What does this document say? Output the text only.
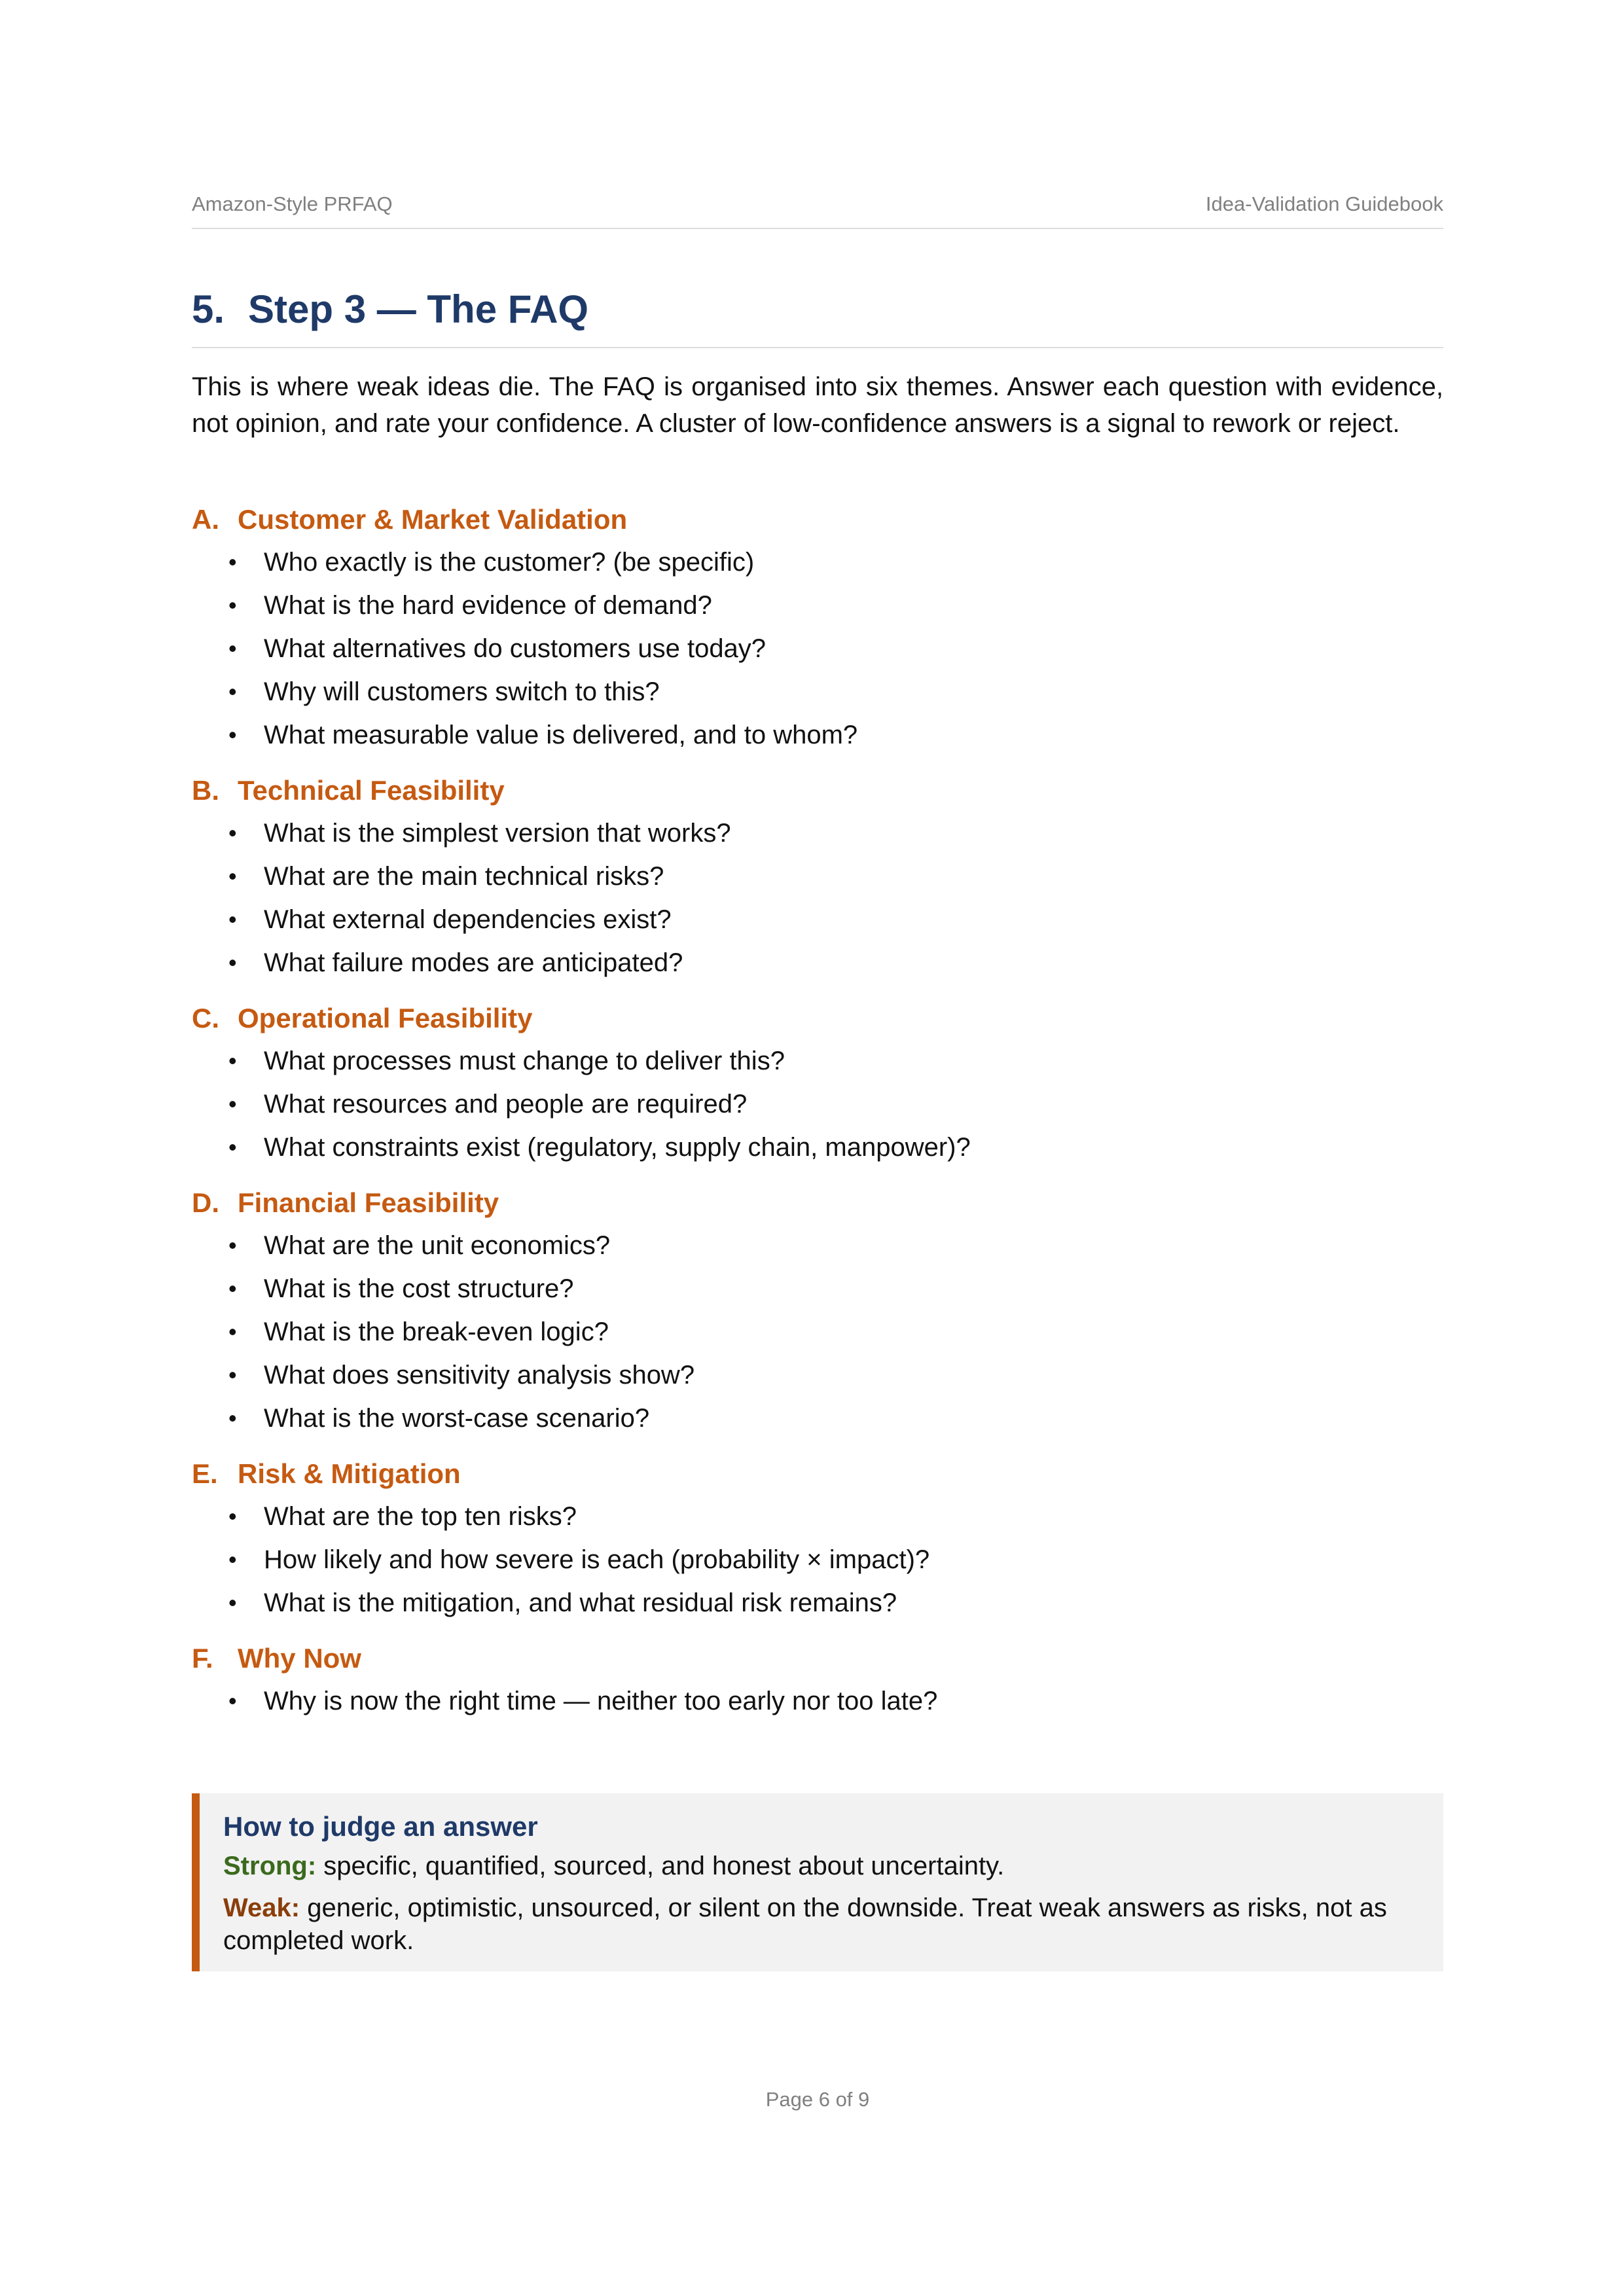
Amazon-Style PRFAQ	Idea-Validation Guidebook
5. Step 3 — The FAQ

This is where weak ideas die. The FAQ is organised into six themes. Answer each question with evidence, not opinion, and rate your confidence. A cluster of low-confidence answers is a signal to rework or reject.

A. Customer & Market Validation
• Who exactly is the customer? (be specific)
• What is the hard evidence of demand?
• What alternatives do customers use today?
• Why will customers switch to this?
• What measurable value is delivered, and to whom?
B. Technical Feasibility
• What is the simplest version that works?
• What are the main technical risks?
• What external dependencies exist?
• What failure modes are anticipated?
C. Operational Feasibility
• What processes must change to deliver this?
• What resources and people are required?
• What constraints exist (regulatory, supply chain, manpower)?
D. Financial Feasibility
• What are the unit economics?
• What is the cost structure?
• What is the break-even logic?
• What does sensitivity analysis show?
• What is the worst-case scenario?
E. Risk & Mitigation
• What are the top ten risks?
• How likely and how severe is each (probability × impact)?
• What is the mitigation, and what residual risk remains?
F. Why Now
• Why is now the right time — neither too early nor too late?
How to judge an answer

Strong: specific, quantified, sourced, and honest about uncertainty.

Weak: generic, optimistic, unsourced, or silent on the downside. Treat weak answers as risks, not as completed work.

Page 6 of 9
